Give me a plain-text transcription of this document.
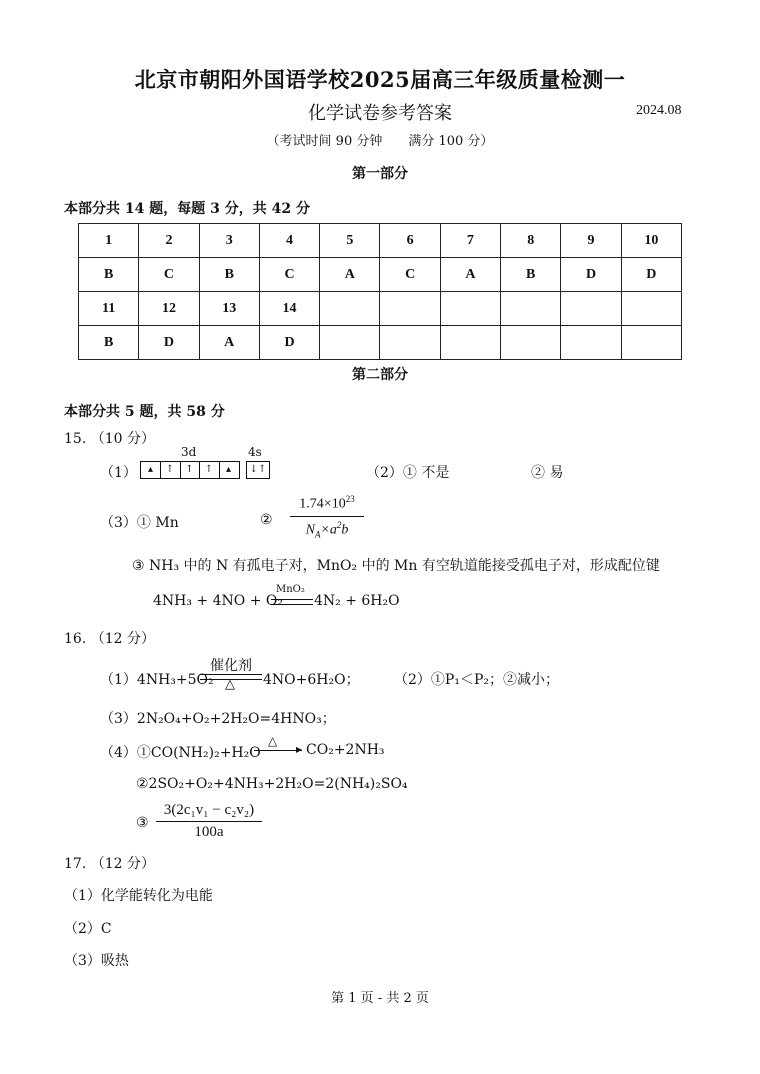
北京市朝阳外国语学校2025届高三年级质量检测一
化学试卷参考答案	2024.08
（考试时间 90 分钟　　满分 100 分）
第一部分
本部分共 14 题，每题 3 分，共 42 分
1	2	3	4	5	6	7	8	9	10
B	C	B	C	A	C	A	B	D	D
11	12	13	14						
B	D	A	D						
第二部分
本部分共 5 题，共 58 分
15. （10 分）
3d	4s
（1）	▴	↑	↑	↑	▴	↓↑	（2）① 不是	② 易
（3）① Mn	② $\frac{1.74\times 10^{23}}{N_A\times a^2b}$
③ NH₃ 中的 N 有孤电子对，MnO₂ 中的 Mn 有空轨道能接受孤电子对，形成配位键
4NH₃ + 4NO + O₂
MnO₂
4N₂ + 6H₂O
16. （12 分）
（1）4NH₃+5O₂
催化剂
△ 4NO+6H₂O； （2）①P₁＜P₂；②减小；
（3）2N₂O₄+O₂+2H₂O=4HNO₃；
（4）①CO(NH₂)₂+H₂O
△
▶ CO₂+2NH₃
②2SO₂+O₂+4NH₃+2H₂O=2(NH₄)₂SO₄
③ $\frac{\text{3(2c₁v₁ − c₂v₂)}}{100a}$
17. （12 分）
（1）化学能转化为电能
（2）C
（3）吸热
第 1 页 - 共 2 页
